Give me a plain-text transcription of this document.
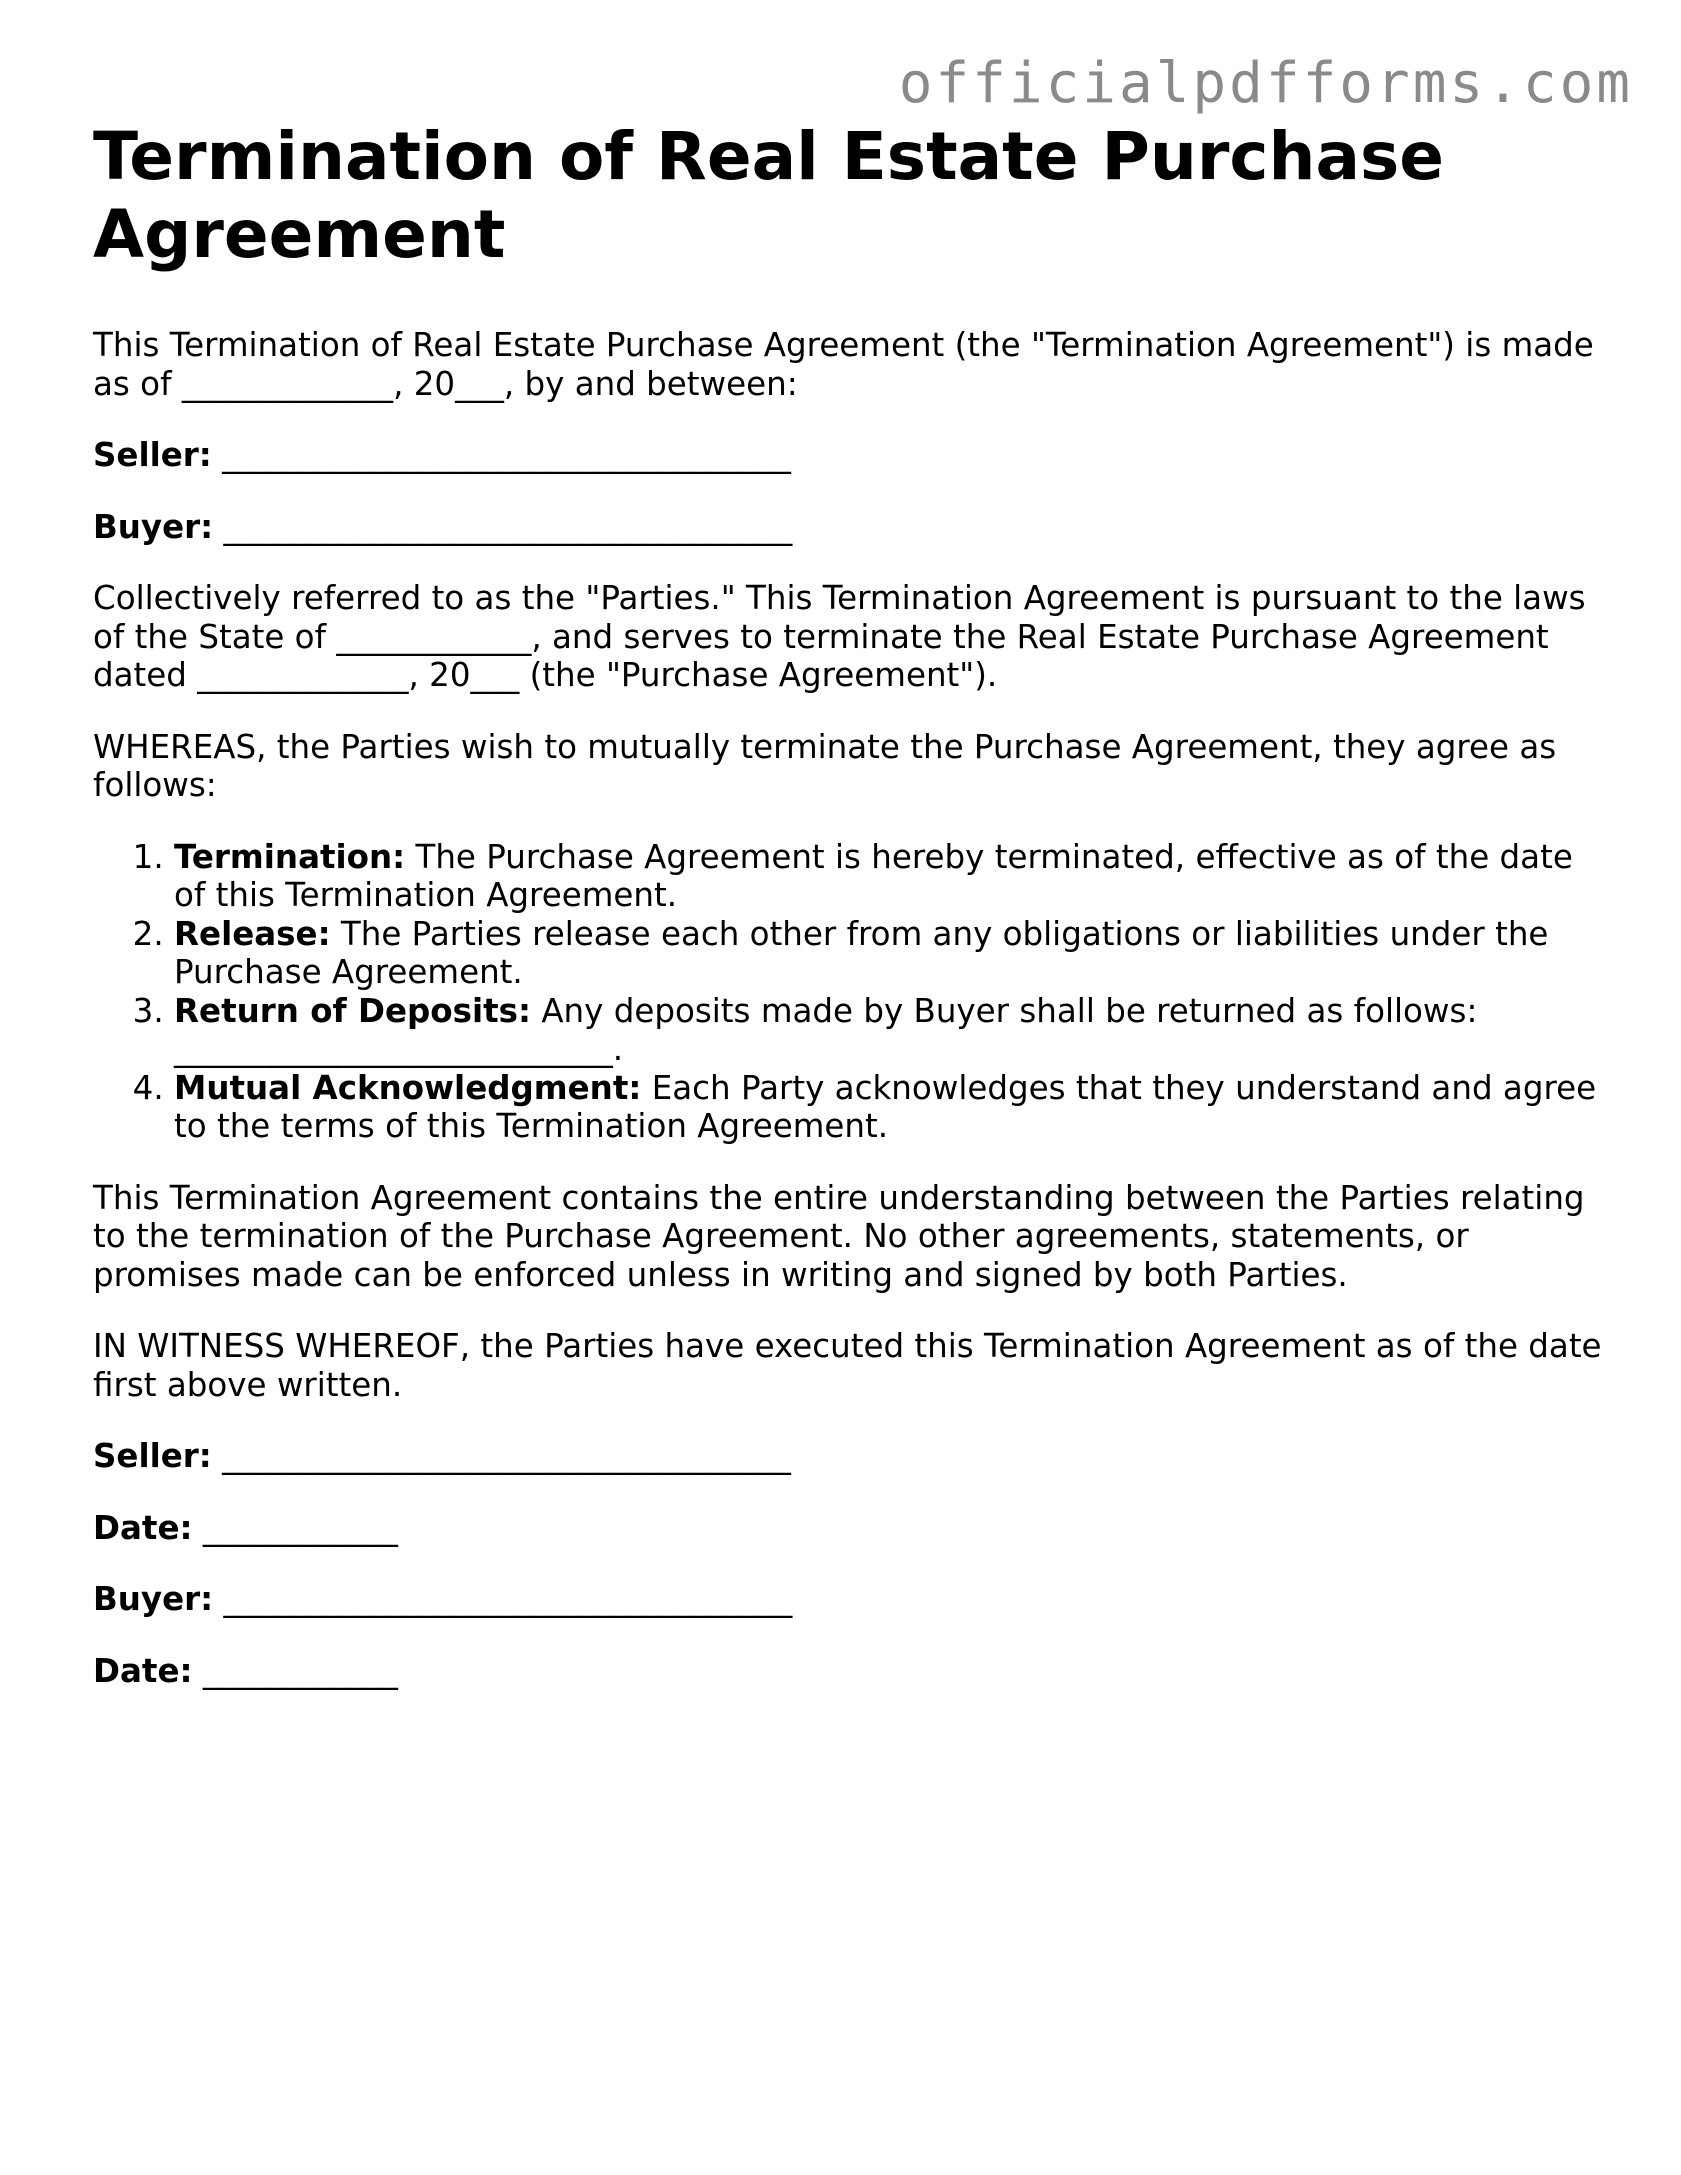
officialpdfforms.com
Termination of Real Estate Purchase Agreement

This Termination of Real Estate Purchase Agreement (the "Termination Agreement") is made as of _____________, 20___, by and between:

Seller: ___________________________________
Buyer: ___________________________________

Collectively referred to as the "Parties." This Termination Agreement is pursuant to the laws of the State of ____________, and serves to terminate the Real Estate Purchase Agreement dated _____________, 20___ (the "Purchase Agreement").

WHEREAS, the Parties wish to mutually terminate the Purchase Agreement, they agree as follows:

1. Termination: The Purchase Agreement is hereby terminated, effective as of the date of this Termination Agreement.
2. Release: The Parties release each other from any obligations or liabilities under the Purchase Agreement.
3. Return of Deposits: Any deposits made by Buyer shall be returned as follows: ___________________________.
4. Mutual Acknowledgment: Each Party acknowledges that they understand and agree to the terms of this Termination Agreement.

This Termination Agreement contains the entire understanding between the Parties relating to the termination of the Purchase Agreement. No other agreements, statements, or promises made can be enforced unless in writing and signed by both Parties.

IN WITNESS WHEREOF, the Parties have executed this Termination Agreement as of the date first above written.

Seller: ___________________________________
Date: ____________
Buyer: ___________________________________
Date: ____________
